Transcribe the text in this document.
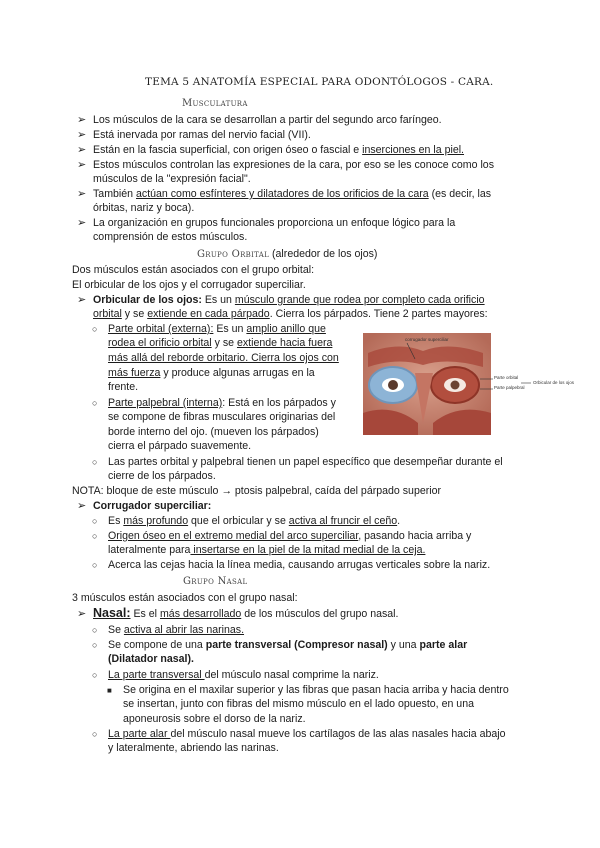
TEMA 5 ANATOMÍA ESPECIAL PARA ODONTÓLOGOS - CARA.
Musculatura
➢ Los músculos de la cara se desarrollan a partir del segundo arco faríngeo.
➢ Está inervada por ramas del nervio facial (VII).
➢ Están en la fascia superficial, con origen óseo o fascial e inserciones en la piel.
➢ Estos músculos controlan las expresiones de la cara, por eso se les conoce como los
músculos de la "expresión facial".
➢ También actúan como esfínteres y dilatadores de los orificios de la cara (es decir, las
órbitas, nariz y boca).
➢ La organización en grupos funcionales proporciona un enfoque lógico para la
comprensión de estos músculos.
Grupo Orbital (alrededor de los ojos)
Dos músculos están asociados con el grupo orbital:
El orbicular de los ojos y el corrugador superciliar.
➢ Orbicular de los ojos: Es un músculo grande que rodea por completo cada orificio
orbital y se extiende en cada párpado. Cierra los párpados. Tiene 2 partes mayores:
○ Parte orbital (externa): Es un amplio anillo que
rodea el orificio orbital y se extiende hacia fuera
más allá del reborde orbitario. Cierra los ojos con
más fuerza y produce algunas arrugas en la
frente.
○ Parte palpebral (interna): Está en los párpados y
se compone de fibras musculares originarias del
borde interno del ojo. (mueven los párpados)
cierra el párpado suavemente.
corrugador superciliar
Parte orbital
Parte palpebral
Orbicular de los ojos
○ Las partes orbital y palpebral tienen un papel específico que desempeñar durante el
cierre de los párpados.
NOTA: bloque de este músculo → ptosis palpebral, caída del párpado superior
➢ Corrugador superciliar:
○ Es más profundo que el orbicular y se activa al fruncir el ceño.
○ Origen óseo en el extremo medial del arco superciliar, pasando hacia arriba y
lateralmente para insertarse en la piel de la mitad medial de la ceja.
○ Acerca las cejas hacia la línea media, causando arrugas verticales sobre la nariz.
Grupo Nasal
3 músculos están asociados con el grupo nasal:
➢ Nasal: Es el más desarrollado de los músculos del grupo nasal.
○ Se activa al abrir las narinas.
○ Se compone de una parte transversal (Compresor nasal) y una parte alar
(Dilatador nasal).
○ La parte transversal del músculo nasal comprime la nariz.
■ Se origina en el maxilar superior y las fibras que pasan hacia arriba y hacia dentro
se insertan, junto con fibras del mismo músculo en el lado opuesto, en una
aponeurosis sobre el dorso de la nariz.
○ La parte alar del músculo nasal mueve los cartílagos de las alas nasales hacia abajo
y lateralmente, abriendo las narinas.
